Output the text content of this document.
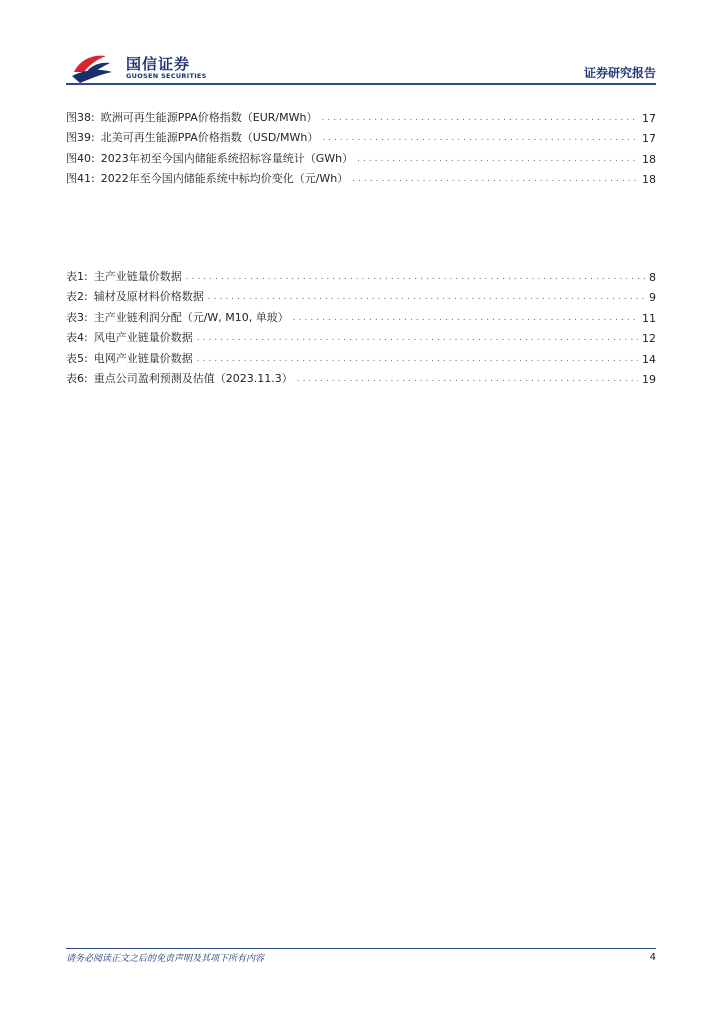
国信证券
GUOSEN SECURITIES	证券研究报告
图38: 欧洲可再生能源PPA价格指数（EUR/MWh） .....	17
图39: 北美可再生能源PPA价格指数（USD/MWh） .....	17
图40: 2023年初至今国内储能系统招标容量统计（GWh） .....	18
图41: 2022年至今国内储能系统中标均价变化（元/Wh） .....	18
表1: 主产业链量价数据 .....	8
表2: 辅材及原材料价格数据 .....	9
表3: 主产业链利润分配（元/W, M10, 单玻） .....	11
表4: 风电产业链量价数据 .....	12
表5: 电网产业链量价数据 .....	14
表6: 重点公司盈利预测及估值（2023.11.3） .....	19
请务必阅读正文之后的免责声明及其项下所有内容	4
